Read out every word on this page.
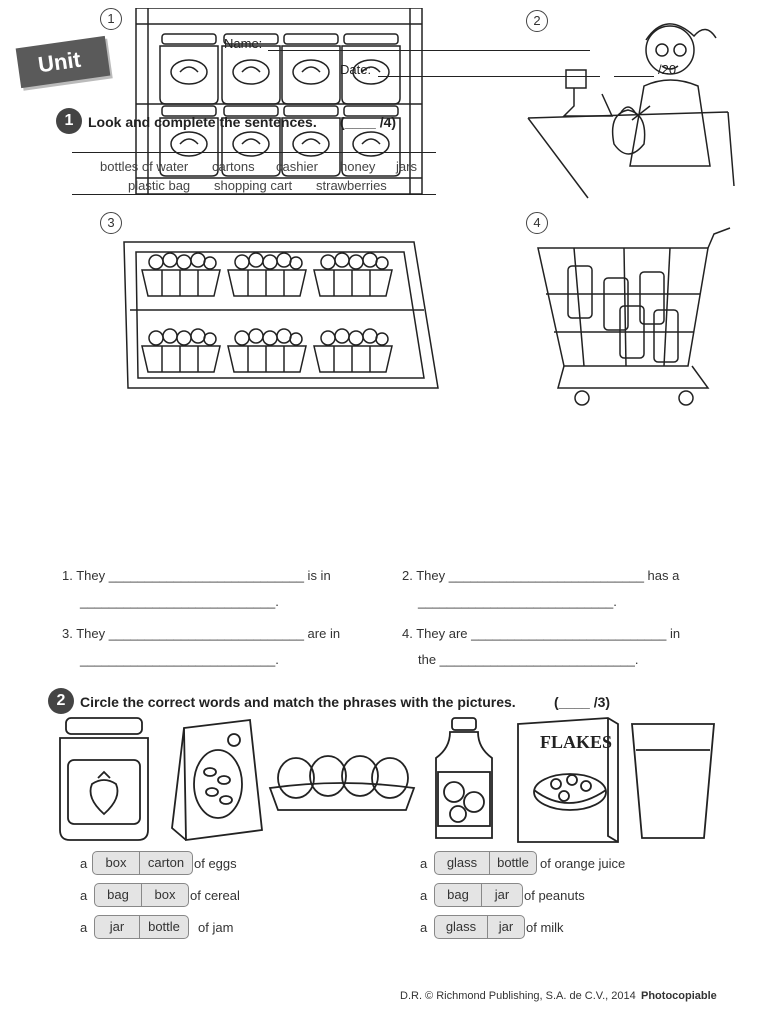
Unit
Name:
Date:	/20
1	2
1	Look and complete the sentences. (____ /4)
bottles of water cartons cashier honey jars
plastic bag shopping cart strawberries
3	4
1. They ___________________________ is in
___________________________.
2. They ___________________________ has a
___________________________.
3. They ___________________________ are in
___________________________.
4. They are ___________________________ in
the ___________________________.
2	Circle the correct words and match the phrases with the pictures.	(____ /3)
FLAKES
a	box	carton of eggs
a	bag	box	of cereal
a	jar	bottle	of jam
a	glass	bottle of orange juice
a	bag	jar	of peanuts
a	glass	jar of milk
D.R. © Richmond Publishing, S.A. de C.V., 2014 Photocopiable
